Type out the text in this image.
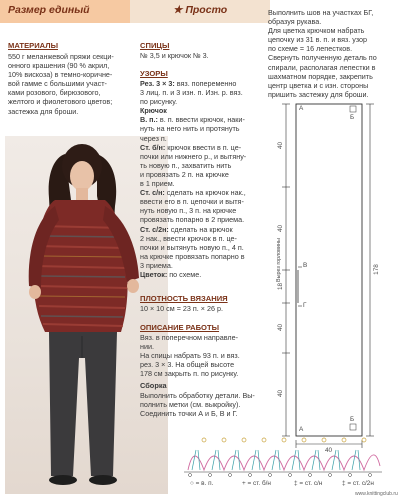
Размер единый	★ Просто
МАТЕРИАЛЫ

550 г меланжевой пряжи секци-

онного крашения (90 % акрил,

10% вискоза) в темно-коричне-

вой гамме с большими участ-

ками розового, бирюзового,

желтого и фиолетового цветов;

застежка для броши.

СПИЦЫ

№ 3,5 и крючок № 3.

УЗОРЫ

Рез. 3 × 3: вяз. попеременно

3 лиц. п. и 3 изн. п. Изн. р. вяз.

по рисунку.

Крючок

В. п.: в. п. ввести крючок, наки-

нуть на него нить и протянуть

через п.

Ст. б/н: крючок ввести в п. це-

почки или нижнего р., и вытяну-

ть новую п., захватить нить

и провязать 2 п. на крючке

в 1 прием.

Ст. с/н: сделать на крючок нак.,

ввести его в п. цепочки и вытя-

нуть новую п., 3 п. на крючке

провязать попарно в 2 приема.

Ст. с/2н: сделать на крючок

2 нак., ввести крючок в п. це-

почки и вытянуть новую п., 4 п.

на крючке провязать попарно в

3 приема.

Цветок: по схеме.

ПЛОТНОСТЬ ВЯЗАНИЯ

10 × 10 см = 23 п. × 26 р.

ОПИСАНИЕ РАБОТЫ

Вяз. в поперечном направле-

нии.

На спицы набрать 93 п. и вяз.

рез. 3 × 3. На общей высоте

178 см закрыть п. по рисунку.

Сборка

Выполнить обработку детали. Вы-

полнить метки (см. выкройку).

Соединить точки А и Б, В и Г.

Выполнить шов на участках БГ,

образуя рукава.

Для цветка крючком набрать

цепочку из 31 в. п. и вяз. узор

по схеме = 16 лепестков.

Свернуть полученную деталь по

спирали, располагая лепестки в

шахматном порядке, закрепить

центр цветка и с изн. стороны

пришить застежку для броши.

А
Б
А
Б
40
40
18
40
40
178
40
В
Г
Вырез горловины
○ = в. п.	+ = ст. б/н	‡ = ст. с/н	‡ = ст. с/2н
www.knittingclub.ru
